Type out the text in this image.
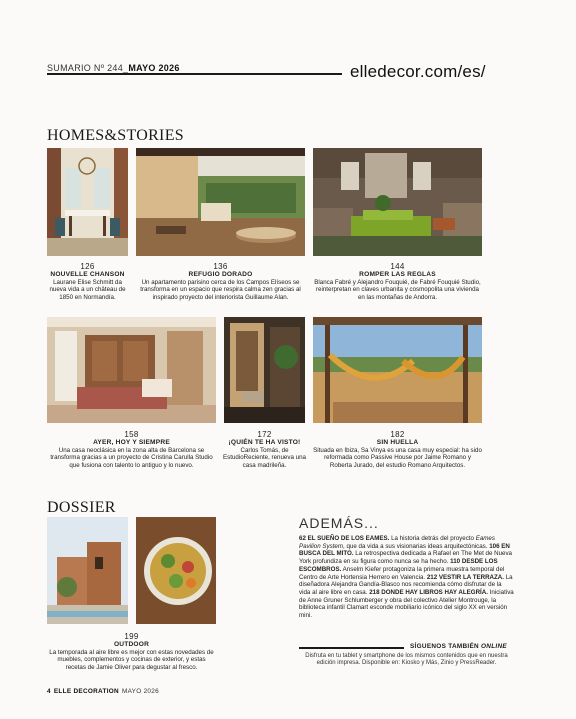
SUMARIO Nº 244_MAYO 2026	elledecor.com/es/
HOMES&STORIES
126
NOUVELLE CHANSON
Laurane Elise Schmitt da nueva vida a un château de 1850 en Normandía.
136
REFUGIO DORADO
Un apartamento parisino cerca de los Campos Elíseos se transforma en un espacio que respira calma zen gracias al inspirado proyecto del interiorista Guillaume Alan.
144
ROMPER LAS REGLAS
Blanca Fabré y Alejandro Fouquié, de Fabré Fouquié Studio, reinterpretan en claves urbanita y cosmopolita una vivienda en las montañas de Andorra.
158
AYER, HOY Y SIEMPRE
Una casa neoclásica en la zona alta de Barcelona se transforma gracias a un proyecto de Cristina Carulla Studio que fusiona con talento lo antiguo y lo nuevo.
172
¡QUIÉN TE HA VISTO!
Carlos Tomás, de EstudioReciente, renueva una casa madrileña.
182
SIN HUELLA
Situada en Ibiza, Sa Vinya es una casa muy especial: ha sido reformada como Passive House por Jaime Romano y Roberta Jurado, del estudio Romano Arquitectos.
DOSSIER
199
OUTDOOR
La temporada al aire libre es mejor con estas novedades de muebles, complementos y cocinas de exterior, y estas recetas de Jamie Oliver para degustar al fresco.
ADEMÁS...
62 EL SUEÑO DE LOS EAMES. La historia detrás del proyecto Eames Pavilion System, que da vida a sus visionarias ideas arquitectónicas. 106 EN BUSCA DEL MITO. La retrospectiva dedicada a Rafael en The Met de Nueva York profundiza en su figura como nunca se ha hecho. 110 DESDE LOS ESCOMBROS. Anselm Kiefer protagoniza la primera muestra temporal del Centro de Arte Hortensia Herrero en Valencia. 212 VESTIR LA TERRAZA. La diseñadora Alejandra Gandía-Blasco nos recomienda cómo disfrutar de la vida al aire libre en casa. 218 DONDE HAY LIBROS HAY ALEGRÍA. Iniciativa de Anne Gruner Schlumberger y obra del colectivo Atelier Montrouge, la biblioteca infantil Clamart esconde mobiliario icónico del siglo XX en versión mini.
SÍGUENOS TAMBIÉN ONLINE
Disfruta en tu tablet y smartphone de los mismos contenidos que en nuestra edición impresa. Disponible en: Kiosko y Más, Zinio y PressReader.
4 ELLE DECORATION MAYO 2026
